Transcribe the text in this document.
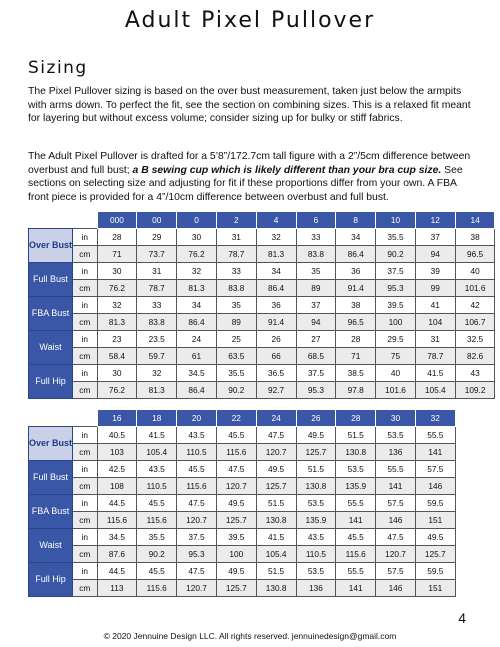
Adult Pixel Pullover
Sizing
The Pixel Pullover sizing is based on the over bust measurement, taken just below the armpits with arms down. To perfect the fit, see the section on combining sizes. This is a relaxed fit meant for layering but without excess volume; consider sizing up for bulky or stiff fabrics.
The Adult Pixel Pullover is drafted for a 5’8”/172.7cm tall figure with a 2”/5cm difference between overbust and full bust; a B sewing cup which is likely different than your bra cup size. See sections on selecting size and adjusting for fit if these proportions differ from your own. A FBA front piece is provided for a 4”/10cm difference between overbust and full bust.
		000	00	0	2	4	6	8	10	12	14
Over Bust	in	28	29	30	31	32	33	34	35.5	37	38
	cm	71	73.7	76.2	78.7	81.3	83.8	86.4	90.2	94	96.5
Full Bust	in	30	31	32	33	34	35	36	37.5	39	40
	cm	76.2	78.7	81.3	83.8	86.4	89	91.4	95.3	99	101.6
FBA Bust	in	32	33	34	35	36	37	38	39.5	41	42
	cm	81.3	83.8	86.4	89	91.4	94	96.5	100	104	106.7
Waist	in	23	23.5	24	25	26	27	28	29.5	31	32.5
	cm	58.4	59.7	61	63.5	66	68.5	71	75	78.7	82.6
Full Hip	in	30	32	34.5	35.5	36.5	37.5	38.5	40	41.5	43
	cm	76.2	81.3	86.4	90.2	92.7	95.3	97.8	101.6	105.4	109.2
		16	18	20	22	24	26	28	30	32
Over Bust	in	40.5	41.5	43.5	45.5	47.5	49.5	51.5	53.5	55.5
	cm	103	105.4	110.5	115.6	120.7	125.7	130.8	136	141
Full Bust	in	42.5	43.5	45.5	47.5	49.5	51.5	53.5	55.5	57.5
	cm	108	110.5	115.6	120.7	125.7	130.8	135.9	141	146
FBA Bust	in	44.5	45.5	47.5	49.5	51.5	53.5	55.5	57.5	59.5
	cm	115.6	115.6	120.7	125.7	130.8	135.9	141	146	151
Waist	in	34.5	35.5	37.5	39.5	41.5	43.5	45.5	47.5	49.5
	cm	87.6	90.2	95.3	100	105.4	110.5	115.6	120.7	125.7
Full Hip	in	44.5	45.5	47.5	49.5	51.5	53.5	55.5	57.5	59.5
	cm	113	115.6	120.7	125.7	130.8	136	141	146	151
4
© 2020 Jennuine Design LLC. All rights reserved. jennuinedesign@gmail.com
